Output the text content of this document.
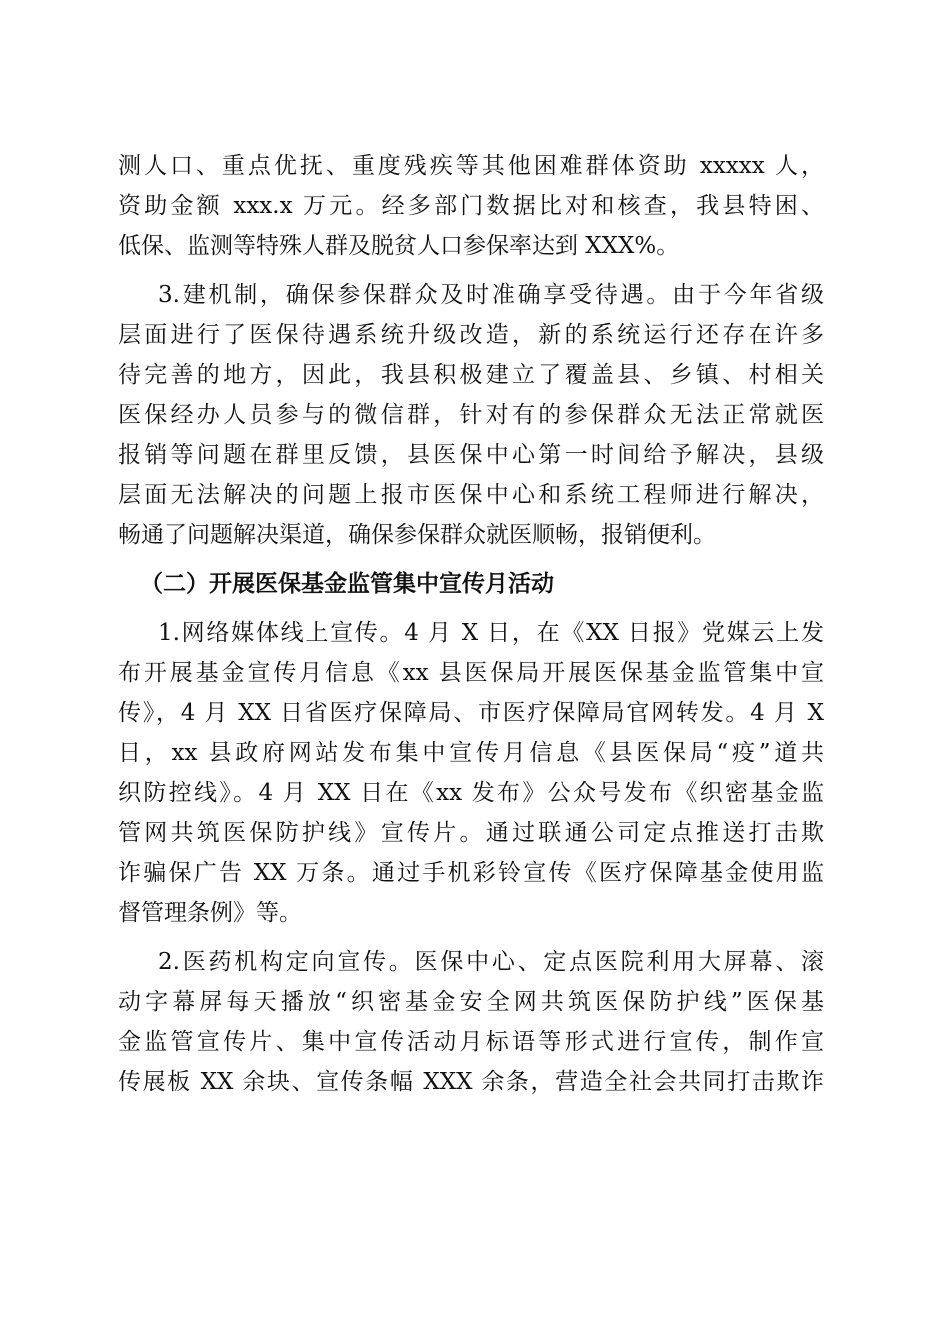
测人口、重点优抚、重度残疾等其他困难群体资助 xxxxx 人，
资助金额 xxx.x 万元。经多部门数据比对和核查，我县特困、
低保、监测等特殊人群及脱贫人口参保率达到 XXX%。
3.建机制，确保参保群众及时准确享受待遇。由于今年省级
层面进行了医保待遇系统升级改造，新的系统运行还存在许多
待完善的地方，因此，我县积极建立了覆盖县、乡镇、村相关
医保经办人员参与的微信群，针对有的参保群众无法正常就医
报销等问题在群里反馈，县医保中心第一时间给予解决，县级
层面无法解决的问题上报市医保中心和系统工程师进行解决，
畅通了问题解决渠道，确保参保群众就医顺畅，报销便利。
（二）开展医保基金监管集中宣传月活动
1.网络媒体线上宣传。4 月 X 日，在《XX 日报》党媒云上发
布开展基金宣传月信息《xx 县医保局开展医保基金监管集中宣
传》，4 月 XX 日省医疗保障局、市医疗保障局官网转发。4 月 X
日，xx 县政府网站发布集中宣传月信息《县医保局“疫”道共
织防控线》。4 月 XX 日在《xx 发布》公众号发布《织密基金监
管网共筑医保防护线》宣传片。通过联通公司定点推送打击欺
诈骗保广告 XX 万条。通过手机彩铃宣传《医疗保障基金使用监
督管理条例》等。
2.医药机构定向宣传。医保中心、定点医院利用大屏幕、滚
动字幕屏每天播放“织密基金安全网共筑医保防护线”医保基
金监管宣传片、集中宣传活动月标语等形式进行宣传，制作宣
传展板 XX 余块、宣传条幅 XXX 余条，营造全社会共同打击欺诈
